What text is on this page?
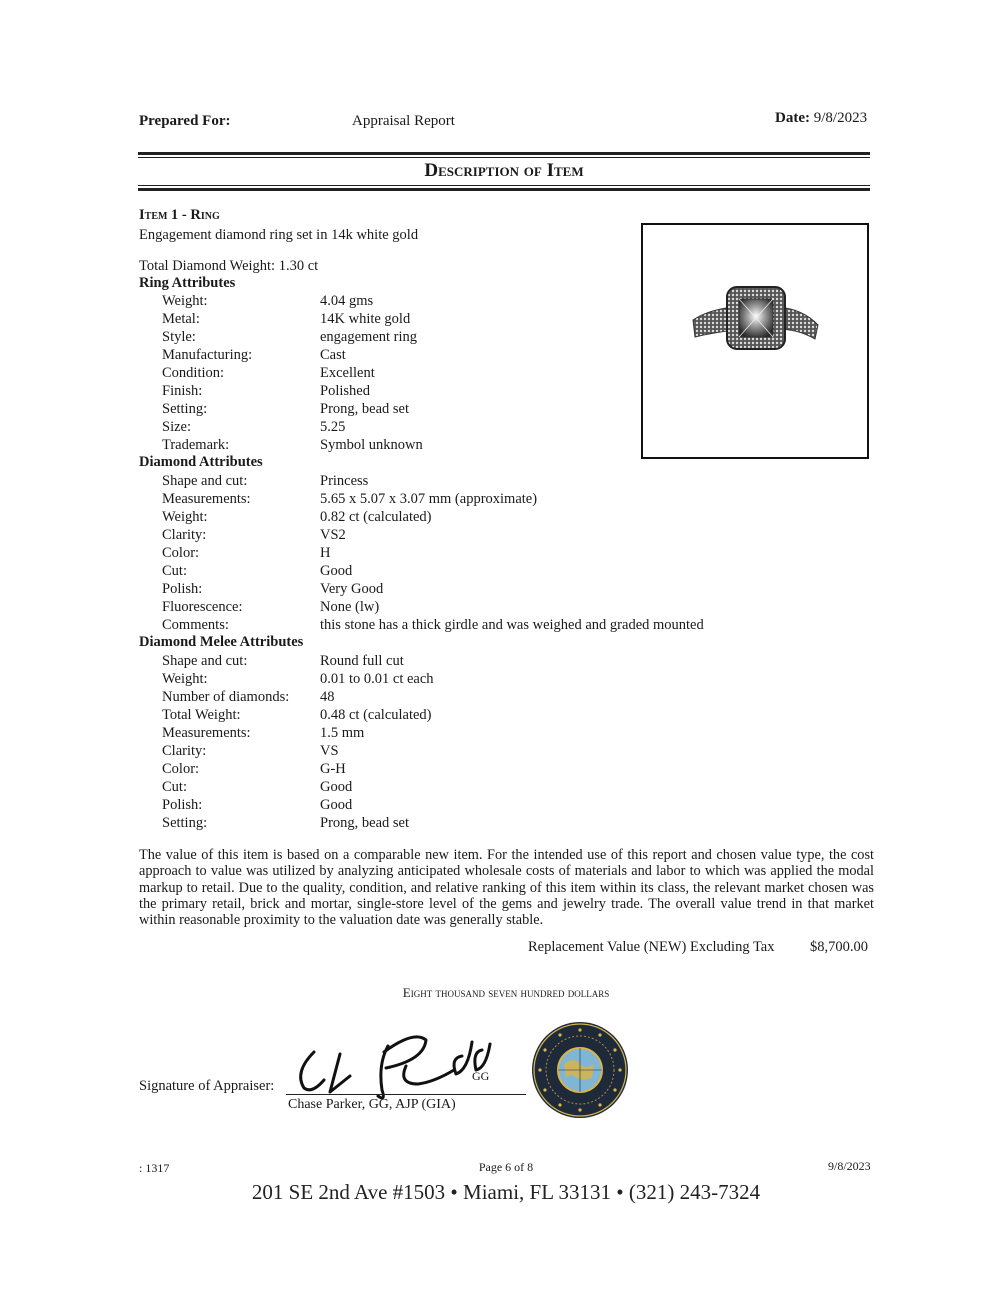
Prepared For:	Appraisal Report	Date: 9/8/2023
Description of Item
Item 1 - Ring
Engagement diamond ring set in 14k white gold
Total Diamond Weight: 1.30 ct
Ring Attributes
Weight:	4.04 gms
Metal:	14K white gold
Style:	engagement ring
Manufacturing:	Cast
Condition:	Excellent
Finish:	Polished
Setting:	Prong, bead set
Size:	5.25
Trademark:	Symbol unknown
Diamond Attributes
Shape and cut:	Princess
Measurements:	5.65 x 5.07 x 3.07 mm (approximate)
Weight:	0.82 ct (calculated)
Clarity:	VS2
Color:	H
Cut:	Good
Polish:	Very Good
Fluorescence:	None (lw)
Comments:	this stone has a thick girdle and was weighed and graded mounted
Diamond Melee Attributes
Shape and cut:	Round full cut
Weight:	0.01 to 0.01 ct each
Number of diamonds: 48
Total Weight:	0.48 ct (calculated)
Measurements:	1.5 mm
Clarity:	VS
Color:	G-H
Cut:	Good
Polish:	Good
Setting:	Prong, bead set
The value of this item is based on a comparable new item. For the intended use of this report and chosen value type, the cost approach to value was utilized by analyzing anticipated wholesale costs of materials and labor to which was applied the modal markup to retail. Due to the quality, condition, and relative ranking of this item within its class, the relevant market chosen was the primary retail, brick and mortar, single-store level of the gems and jewelry trade. The overall value trend in that market within reasonable proximity to the valuation date was generally stable.
Replacement Value (NEW) Excluding Tax $8,700.00
Eight thousand seven hundred dollars
Signature of Appraiser:
GG
Chase Parker, GG, AJP (GIA)
: 1317	Page 6 of 8	9/8/2023
201 SE 2nd Ave #1503 • Miami, FL 33131 • (321) 243-7324
